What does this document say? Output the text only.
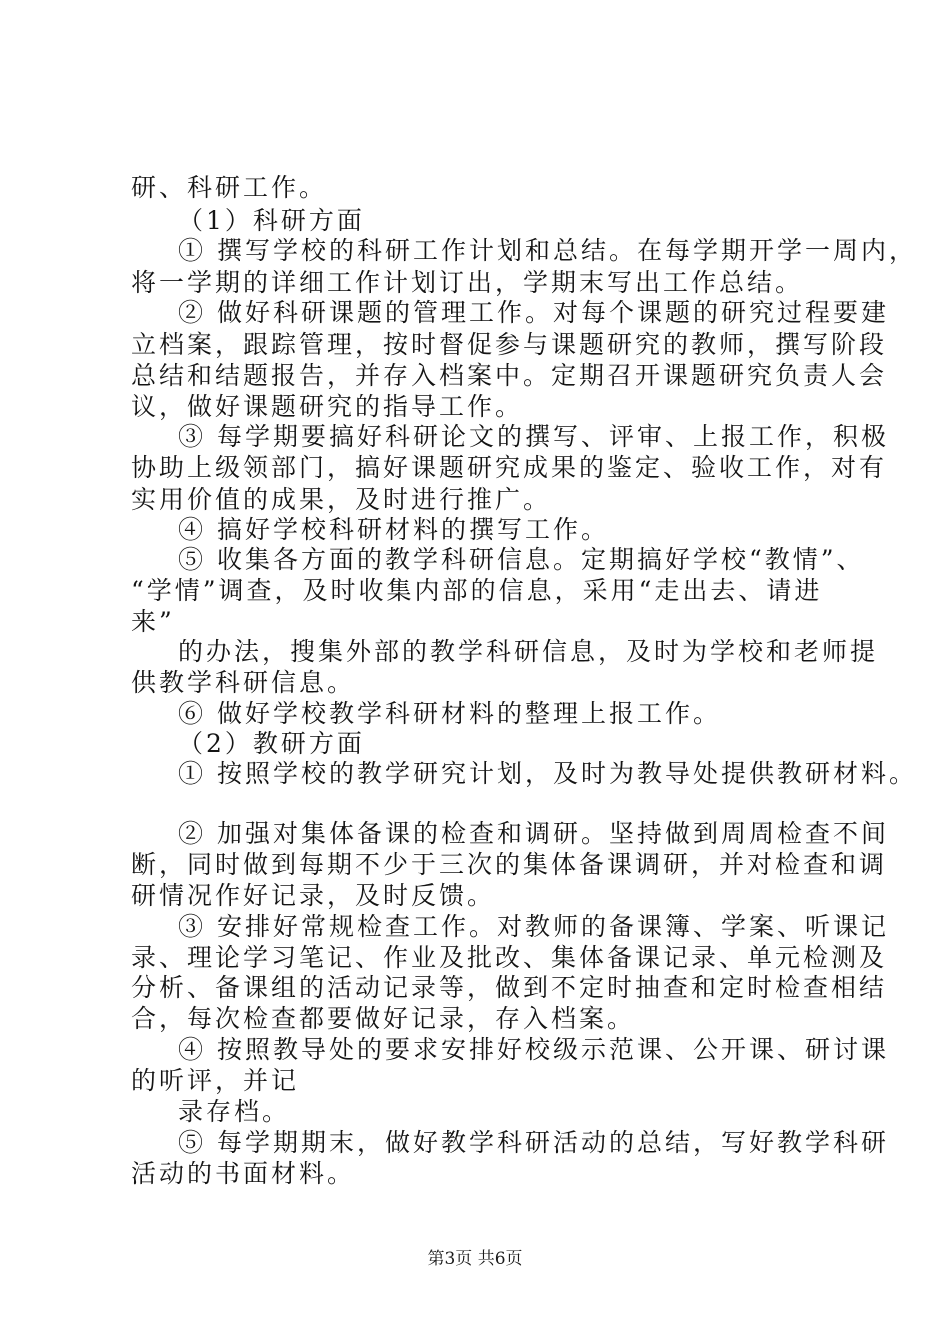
研、科研工作。
（1）科研方面
① 撰写学校的科研工作计划和总结。在每学期开学一周内，
将一学期的详细工作计划订出，学期末写出工作总结。
② 做好科研课题的管理工作。对每个课题的研究过程要建
立档案，跟踪管理，按时督促参与课题研究的教师，撰写阶段
总结和结题报告，并存入档案中。定期召开课题研究负责人会
议，做好课题研究的指导工作。
③ 每学期要搞好科研论文的撰写、评审、上报工作，积极
协助上级领部门，搞好课题研究成果的鉴定、验收工作，对有
实用价值的成果，及时进行推广。
④ 搞好学校科研材料的撰写工作。
⑤ 收集各方面的教学科研信息。定期搞好学校“教情”、
“学情”调查，及时收集内部的信息，采用“走出去、请进
来”
的办法，搜集外部的教学科研信息，及时为学校和老师提
供教学科研信息。
⑥ 做好学校教学科研材料的整理上报工作。
（2）教研方面
① 按照学校的教学研究计划，及时为教导处提供教研材料。
② 加强对集体备课的检查和调研。坚持做到周周检查不间
断，同时做到每期不少于三次的集体备课调研，并对检查和调
研情况作好记录，及时反馈。
③ 安排好常规检查工作。对教师的备课簿、学案、听课记
录、理论学习笔记、作业及批改、集体备课记录、单元检测及
分析、备课组的活动记录等，做到不定时抽查和定时检查相结
合，每次检查都要做好记录，存入档案。
④ 按照教导处的要求安排好校级示范课、公开课、研讨课
的听评，并记
录存档。
⑤ 每学期期末，做好教学科研活动的总结，写好教学科研
活动的书面材料。
第3页 共6页
